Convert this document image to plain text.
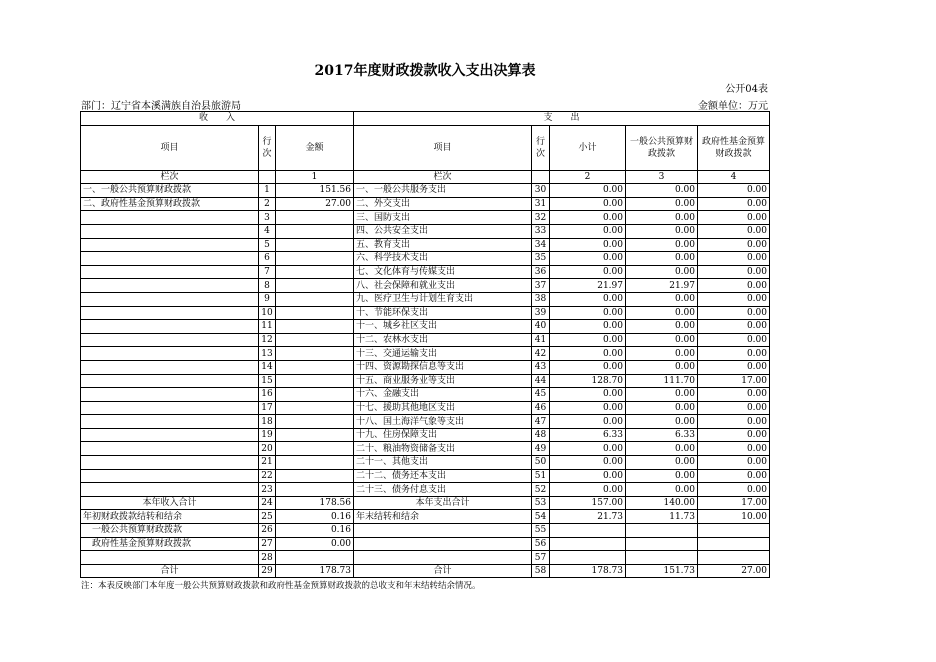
2017年度财政拨款收入支出决算表
公开04表
部门：辽宁省本溪满族自治县旅游局	金额单位：万元
收　　入			支　　出				
项目	行次	金额	项目	行次	小计	一般公共预算财政拨款	政府性基金预算财政拨款
栏次		1	栏次		2	3	4
一、一般公共预算财政拨款	1	151.56	一、一般公共服务支出	30	0.00	0.00	0.00
二、政府性基金预算财政拨款	2	27.00	二、外交支出	31	0.00	0.00	0.00
	3		三、国防支出	32	0.00	0.00	0.00
	4		四、公共安全支出	33	0.00	0.00	0.00
	5		五、教育支出	34	0.00	0.00	0.00
	6		六、科学技术支出	35	0.00	0.00	0.00
	7		七、文化体育与传媒支出	36	0.00	0.00	0.00
	8		八、社会保障和就业支出	37	21.97	21.97	0.00
	9		九、医疗卫生与计划生育支出	38	0.00	0.00	0.00
	10		十、节能环保支出	39	0.00	0.00	0.00
	11		十一、城乡社区支出	40	0.00	0.00	0.00
	12		十二、农林水支出	41	0.00	0.00	0.00
	13		十三、交通运输支出	42	0.00	0.00	0.00
	14		十四、资源勘探信息等支出	43	0.00	0.00	0.00
	15		十五、商业服务业等支出	44	128.70	111.70	17.00
	16		十六、金融支出	45	0.00	0.00	0.00
	17		十七、援助其他地区支出	46	0.00	0.00	0.00
	18		十八、国土海洋气象等支出	47	0.00	0.00	0.00
	19		十九、住房保障支出	48	6.33	6.33	0.00
	20		二十、粮油物资储备支出	49	0.00	0.00	0.00
	21		二十一、其他支出	50	0.00	0.00	0.00
	22		二十二、债务还本支出	51	0.00	0.00	0.00
	23		二十三、债务付息支出	52	0.00	0.00	0.00
本年收入合计	24	178.56	本年支出合计	53	157.00	140.00	17.00
年初财政拨款结转和结余	25	0.16	年末结转和结余	54	21.73	11.73	10.00
　一般公共预算财政拨款	26	0.16		55			
　政府性基金预算财政拨款	27	0.00		56			
	28			57			
合计	29	178.73	合计	58	178.73	151.73	27.00
注：本表反映部门本年度一般公共预算财政拨款和政府性基金预算财政拨款的总收支和年末结转结余情况。
